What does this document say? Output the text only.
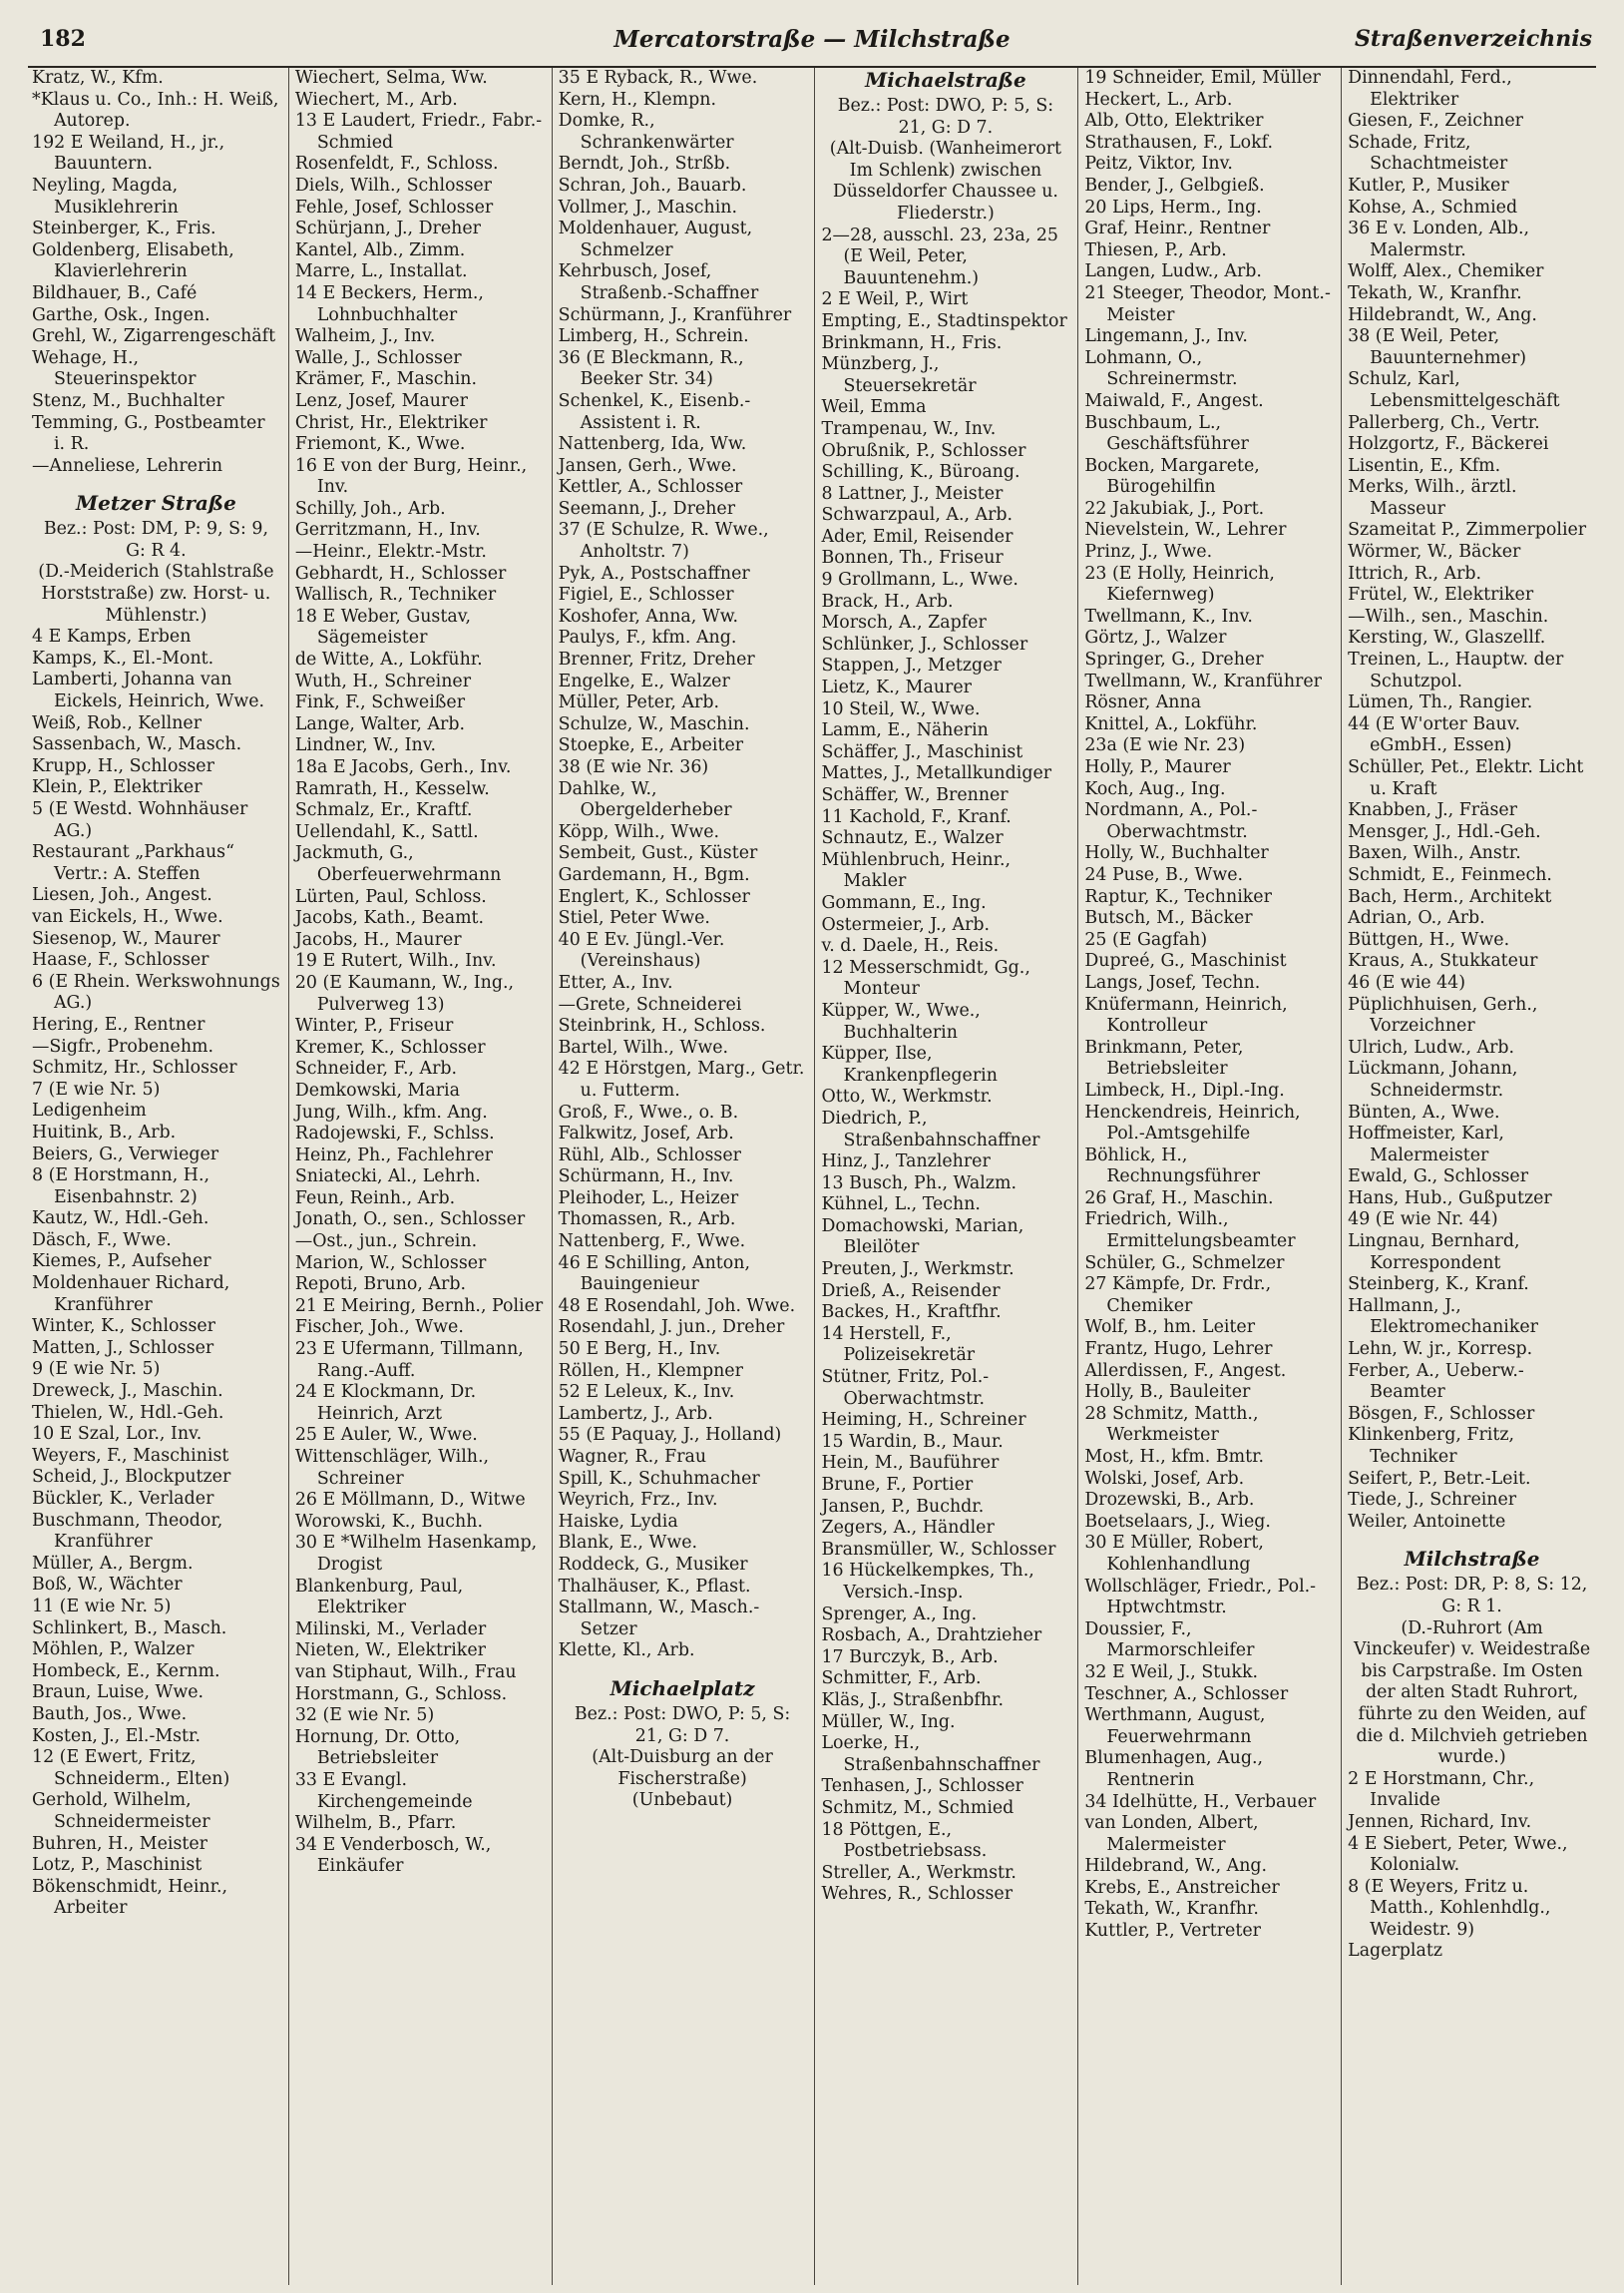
182	Mercatorstraße — Milchstraße	Straßenverzeichnis
Kratz, W., Kfm.
*Klaus u. Co., Inh.: H. Weiß, Autorep.
192 E Weiland, H., jr., Bauuntern.
Neyling, Magda, Musiklehrerin
Steinberger, K., Fris.
Goldenberg, Elisabeth, Klavierlehrerin
Bildhauer, B., Café
Garthe, Osk., Ingen.
Grehl, W., Zigarrengeschäft
Wehage, H., Steuerinspektor
Stenz, M., Buchhalter
Temming, G., Postbeamter i. R.
—Anneliese, Lehrerin
Metzer Straße
Bez.: Post: DM, P: 9, S: 9, G: R 4.
(D.-Meiderich (Stahlstraße Horststraße) zw. Horst- u. Mühlenstr.)
4 E Kamps, Erben
Kamps, K., El.-Mont.
Lamberti, Johanna van Eickels, Heinrich, Wwe.
Weiß, Rob., Kellner
Sassenbach, W., Masch.
Krupp, H., Schlosser
Klein, P., Elektriker
5 (E Westd. Wohnhäuser AG.)
Restaurant „Parkhaus“ Vertr.: A. Steffen
Liesen, Joh., Angest.
van Eickels, H., Wwe.
Siesenop, W., Maurer
Haase, F., Schlosser
6 (E Rhein. Werkswohnungs AG.)
Hering, E., Rentner
—Sigfr., Probenehm.
Schmitz, Hr., Schlosser
7 (E wie Nr. 5)
Ledigenheim
Huitink, B., Arb.
Beiers, G., Verwieger
8 (E Horstmann, H., Eisenbahnstr. 2)
Kautz, W., Hdl.-Geh.
Däsch, F., Wwe.
Kiemes, P., Aufseher
Moldenhauer Richard, Kranführer
Winter, K., Schlosser
Matten, J., Schlosser
9 (E wie Nr. 5)
Dreweck, J., Maschin.
Thielen, W., Hdl.-Geh.
10 E Szal, Lor., Inv.
Weyers, F., Maschinist
Scheid, J., Blockputzer
Bückler, K., Verlader
Buschmann, Theodor, Kranführer
Müller, A., Bergm.
Boß, W., Wächter
11 (E wie Nr. 5)
Schlinkert, B., Masch.
Möhlen, P., Walzer
Hombeck, E., Kernm.
Braun, Luise, Wwe.
Bauth, Jos., Wwe.
Kosten, J., El.-Mstr.
12 (E Ewert, Fritz, Schneiderm., Elten)
Gerhold, Wilhelm, Schneidermeister
Buhren, H., Meister
Lotz, P., Maschinist
Bökenschmidt, Heinr., Arbeiter
Wiechert, Selma, Ww.
Wiechert, M., Arb.
13 E Laudert, Friedr., Fabr.-Schmied
Rosenfeldt, F., Schloss.
Diels, Wilh., Schlosser
Fehle, Josef, Schlosser
Schürjann, J., Dreher
Kantel, Alb., Zimm.
Marre, L., Installat.
14 E Beckers, Herm., Lohnbuchhalter
Walheim, J., Inv.
Walle, J., Schlosser
Krämer, F., Maschin.
Lenz, Josef, Maurer
Christ, Hr., Elektriker
Friemont, K., Wwe.
16 E von der Burg, Heinr., Inv.
Schilly, Joh., Arb.
Gerritzmann, H., Inv.
—Heinr., Elektr.-Mstr.
Gebhardt, H., Schlosser
Wallisch, R., Techniker
18 E Weber, Gustav, Sägemeister
de Witte, A., Lokführ.
Wuth, H., Schreiner
Fink, F., Schweißer
Lange, Walter, Arb.
Lindner, W., Inv.
18a E Jacobs, Gerh., Inv.
Ramrath, H., Kesselw.
Schmalz, Er., Kraftf.
Uellendahl, K., Sattl.
Jackmuth, G., Oberfeuerwehrmann
Lürten, Paul, Schloss.
Jacobs, Kath., Beamt.
Jacobs, H., Maurer
19 E Rutert, Wilh., Inv.
20 (E Kaumann, W., Ing., Pulverweg 13)
Winter, P., Friseur
Kremer, K., Schlosser
Schneider, F., Arb.
Demkowski, Maria
Jung, Wilh., kfm. Ang.
Radojewski, F., Schlss.
Heinz, Ph., Fachlehrer
Sniatecki, Al., Lehrh.
Feun, Reinh., Arb.
Jonath, O., sen., Schlosser
—Ost., jun., Schrein.
Marion, W., Schlosser
Repoti, Bruno, Arb.
21 E Meiring, Bernh., Polier
Fischer, Joh., Wwe.
23 E Ufermann, Tillmann, Rang.-Auff.
24 E Klockmann, Dr. Heinrich, Arzt
25 E Auler, W., Wwe.
Wittenschläger, Wilh., Schreiner
26 E Möllmann, D., Witwe
Worowski, K., Buchh.
30 E *Wilhelm Hasenkamp, Drogist
Blankenburg, Paul, Elektriker
Milinski, M., Verlader
Nieten, W., Elektriker
van Stiphaut, Wilh., Frau
Horstmann, G., Schloss.
32 (E wie Nr. 5)
Hornung, Dr. Otto, Betriebsleiter
33 E Evangl. Kirchengemeinde
Wilhelm, B., Pfarr.
34 E Venderbosch, W., Einkäufer
35 E Ryback, R., Wwe.
Kern, H., Klempn.
Domke, R., Schrankenwärter
Berndt, Joh., Strßb.
Schran, Joh., Bauarb.
Vollmer, J., Maschin.
Moldenhauer, August, Schmelzer
Kehrbusch, Josef, Straßenb.-Schaffner
Schürmann, J., Kranführer
Limberg, H., Schrein.
36 (E Bleckmann, R., Beeker Str. 34)
Schenkel, K., Eisenb.-Assistent i. R.
Nattenberg, Ida, Ww.
Jansen, Gerh., Wwe.
Kettler, A., Schlosser
Seemann, J., Dreher
37 (E Schulze, R. Wwe., Anholtstr. 7)
Pyk, A., Postschaffner
Figiel, E., Schlosser
Koshofer, Anna, Ww.
Paulys, F., kfm. Ang.
Brenner, Fritz, Dreher
Engelke, E., Walzer
Müller, Peter, Arb.
Schulze, W., Maschin.
Stoepke, E., Arbeiter
38 (E wie Nr. 36)
Dahlke, W., Obergelderheber
Köpp, Wilh., Wwe.
Sembeit, Gust., Küster
Gardemann, H., Bgm.
Englert, K., Schlosser
Stiel, Peter Wwe.
40 E Ev. Jüngl.-Ver. (Vereinshaus)
Etter, A., Inv.
—Grete, Schneiderei
Steinbrink, H., Schloss.
Bartel, Wilh., Wwe.
42 E Hörstgen, Marg., Getr. u. Futterm.
Groß, F., Wwe., o. B.
Falkwitz, Josef, Arb.
Rühl, Alb., Schlosser
Schürmann, H., Inv.
Pleihoder, L., Heizer
Thomassen, R., Arb.
Nattenberg, F., Wwe.
46 E Schilling, Anton, Bauingenieur
48 E Rosendahl, Joh. Wwe.
Rosendahl, J. jun., Dreher
50 E Berg, H., Inv.
Röllen, H., Klempner
52 E Leleux, K., Inv.
Lambertz, J., Arb.
55 (E Paquay, J., Holland)
Wagner, R., Frau
Spill, K., Schuhmacher
Weyrich, Frz., Inv.
Haiske, Lydia
Blank, E., Wwe.
Roddeck, G., Musiker
Thalhäuser, K., Pflast.
Stallmann, W., Masch.-Setzer
Klette, Kl., Arb.
Michaelplatz
Bez.: Post: DWO, P: 5, S: 21, G: D 7.
(Alt-Duisburg an der Fischerstraße)
(Unbebaut)
Michaelstraße
Bez.: Post: DWO, P: 5, S: 21, G: D 7.
(Alt-Duisb. (Wanheimerort Im Schlenk) zwischen Düsseldorfer Chaussee u. Fliederstr.)
2—28, ausschl. 23, 23a, 25 (E Weil, Peter, Bauuntenehm.)
2 E Weil, P., Wirt
Empting, E., Stadtinspektor
Brinkmann, H., Fris.
Münzberg, J., Steuersekretär
Weil, Emma
Trampenau, W., Inv.
Obrußnik, P., Schlosser
Schilling, K., Büroang.
8 Lattner, J., Meister
Schwarzpaul, A., Arb.
Ader, Emil, Reisender
Bonnen, Th., Friseur
9 Grollmann, L., Wwe.
Brack, H., Arb.
Morsch, A., Zapfer
Schlünker, J., Schlosser
Stappen, J., Metzger
Lietz, K., Maurer
10 Steil, W., Wwe.
Lamm, E., Näherin
Schäffer, J., Maschinist
Mattes, J., Metallkundiger
Schäffer, W., Brenner
11 Kachold, F., Kranf.
Schnautz, E., Walzer
Mühlenbruch, Heinr., Makler
Gommann, E., Ing.
Ostermeier, J., Arb.
v. d. Daele, H., Reis.
12 Messerschmidt, Gg., Monteur
Küpper, W., Wwe., Buchhalterin
Küpper, Ilse, Krankenpflegerin
Otto, W., Werkmstr.
Diedrich, P., Straßenbahnschaffner
Hinz, J., Tanzlehrer
13 Busch, Ph., Walzm.
Kühnel, L., Techn.
Domachowski, Marian, Bleilöter
Preuten, J., Werkmstr.
Drieß, A., Reisender
Backes, H., Kraftfhr.
14 Herstell, F., Polizeisekretär
Stütner, Fritz, Pol.-Oberwachtmstr.
Heiming, H., Schreiner
15 Wardin, B., Maur.
Hein, M., Bauführer
Brune, F., Portier
Jansen, P., Buchdr.
Zegers, A., Händler
Bransmüller, W., Schlosser
16 Hückelkempkes, Th., Versich.-Insp.
Sprenger, A., Ing.
Rosbach, A., Drahtzieher
17 Burczyk, B., Arb.
Schmitter, F., Arb.
Kläs, J., Straßenbfhr.
Müller, W., Ing.
Loerke, H., Straßenbahnschaffner
Tenhasen, J., Schlosser
Schmitz, M., Schmied
18 Pöttgen, E., Postbetriebsass.
Streller, A., Werkmstr.
Wehres, R., Schlosser
19 Schneider, Emil, Müller
Heckert, L., Arb.
Alb, Otto, Elektriker
Strathausen, F., Lokf.
Peitz, Viktor, Inv.
Bender, J., Gelbgieß.
20 Lips, Herm., Ing.
Graf, Heinr., Rentner
Thiesen, P., Arb.
Langen, Ludw., Arb.
21 Steeger, Theodor, Mont.-Meister
Lingemann, J., Inv.
Lohmann, O., Schreinermstr.
Maiwald, F., Angest.
Buschbaum, L., Geschäftsführer
Bocken, Margarete, Bürogehilfin
22 Jakubiak, J., Port.
Nievelstein, W., Lehrer
Prinz, J., Wwe.
23 (E Holly, Heinrich, Kiefernweg)
Twellmann, K., Inv.
Görtz, J., Walzer
Springer, G., Dreher
Twellmann, W., Kranführer
Rösner, Anna
Knittel, A., Lokführ.
23a (E wie Nr. 23)
Holly, P., Maurer
Koch, Aug., Ing.
Nordmann, A., Pol.-Oberwachtmstr.
Holly, W., Buchhalter
24 Puse, B., Wwe.
Raptur, K., Techniker
Butsch, M., Bäcker
25 (E Gagfah)
Dupreé, G., Maschinist
Langs, Josef, Techn.
Knüfermann, Heinrich, Kontrolleur
Brinkmann, Peter, Betriebsleiter
Limbeck, H., Dipl.-Ing.
Henckendreis, Heinrich, Pol.-Amtsgehilfe
Böhlick, H., Rechnungsführer
26 Graf, H., Maschin.
Friedrich, Wilh., Ermittelungsbeamter
Schüler, G., Schmelzer
27 Kämpfe, Dr. Frdr., Chemiker
Wolf, B., hm. Leiter
Frantz, Hugo, Lehrer
Allerdissen, F., Angest.
Holly, B., Bauleiter
28 Schmitz, Matth., Werkmeister
Most, H., kfm. Bmtr.
Wolski, Josef, Arb.
Drozewski, B., Arb.
Boetselaars, J., Wieg.
30 E Müller, Robert, Kohlenhandlung
Wollschläger, Friedr., Pol.-Hptwchtmstr.
Doussier, F., Marmorschleifer
32 E Weil, J., Stukk.
Teschner, A., Schlosser
Werthmann, August, Feuerwehrmann
Blumenhagen, Aug., Rentnerin
34 Idelhütte, H., Verbauer
van Londen, Albert, Malermeister
Hildebrand, W., Ang.
Krebs, E., Anstreicher
Tekath, W., Kranfhr.
Kuttler, P., Vertreter
Dinnendahl, Ferd., Elektriker
Giesen, F., Zeichner
Schade, Fritz, Schachtmeister
Kutler, P., Musiker
Kohse, A., Schmied
36 E v. Londen, Alb., Malermstr.
Wolff, Alex., Chemiker
Tekath, W., Kranfhr.
Hildebrandt, W., Ang.
38 (E Weil, Peter, Bauunternehmer)
Schulz, Karl, Lebensmittelgeschäft
Pallerberg, Ch., Vertr.
Holzgortz, F., Bäckerei
Lisentin, E., Kfm.
Merks, Wilh., ärztl. Masseur
Szameitat P., Zimmerpolier
Wörmer, W., Bäcker
Ittrich, R., Arb.
Frütel, W., Elektriker
—Wilh., sen., Maschin.
Kersting, W., Glaszellf.
Treinen, L., Hauptw. der Schutzpol.
Lümen, Th., Rangier.
44 (E W'orter Bauv. eGmbH., Essen)
Schüller, Pet., Elektr. Licht u. Kraft
Knabben, J., Fräser
Mensger, J., Hdl.-Geh.
Baxen, Wilh., Anstr.
Schmidt, E., Feinmech.
Bach, Herm., Architekt
Adrian, O., Arb.
Büttgen, H., Wwe.
Kraus, A., Stukkateur
46 (E wie 44)
Püplichhuisen, Gerh., Vorzeichner
Ulrich, Ludw., Arb.
Lückmann, Johann, Schneidermstr.
Bünten, A., Wwe.
Hoffmeister, Karl, Malermeister
Ewald, G., Schlosser
Hans, Hub., Gußputzer
49 (E wie Nr. 44)
Lingnau, Bernhard, Korrespondent
Steinberg, K., Kranf.
Hallmann, J., Elektromechaniker
Lehn, W. jr., Korresp.
Ferber, A., Ueberw.-Beamter
Bösgen, F., Schlosser
Klinkenberg, Fritz, Techniker
Seifert, P., Betr.-Leit.
Tiede, J., Schreiner
Weiler, Antoinette
Milchstraße
Bez.: Post: DR, P: 8, S: 12, G: R 1.
(D.-Ruhrort (Am Vinckeufer) v. Weidestraße bis Carpstraße. Im Osten der alten Stadt Ruhrort, führte zu den Weiden, auf die d. Milchvieh getrieben wurde.)
2 E Horstmann, Chr., Invalide
Jennen, Richard, Inv.
4 E Siebert, Peter, Wwe., Kolonialw.
8 (E Weyers, Fritz u. Matth., Kohlenhdlg., Weidestr. 9)
Lagerplatz
